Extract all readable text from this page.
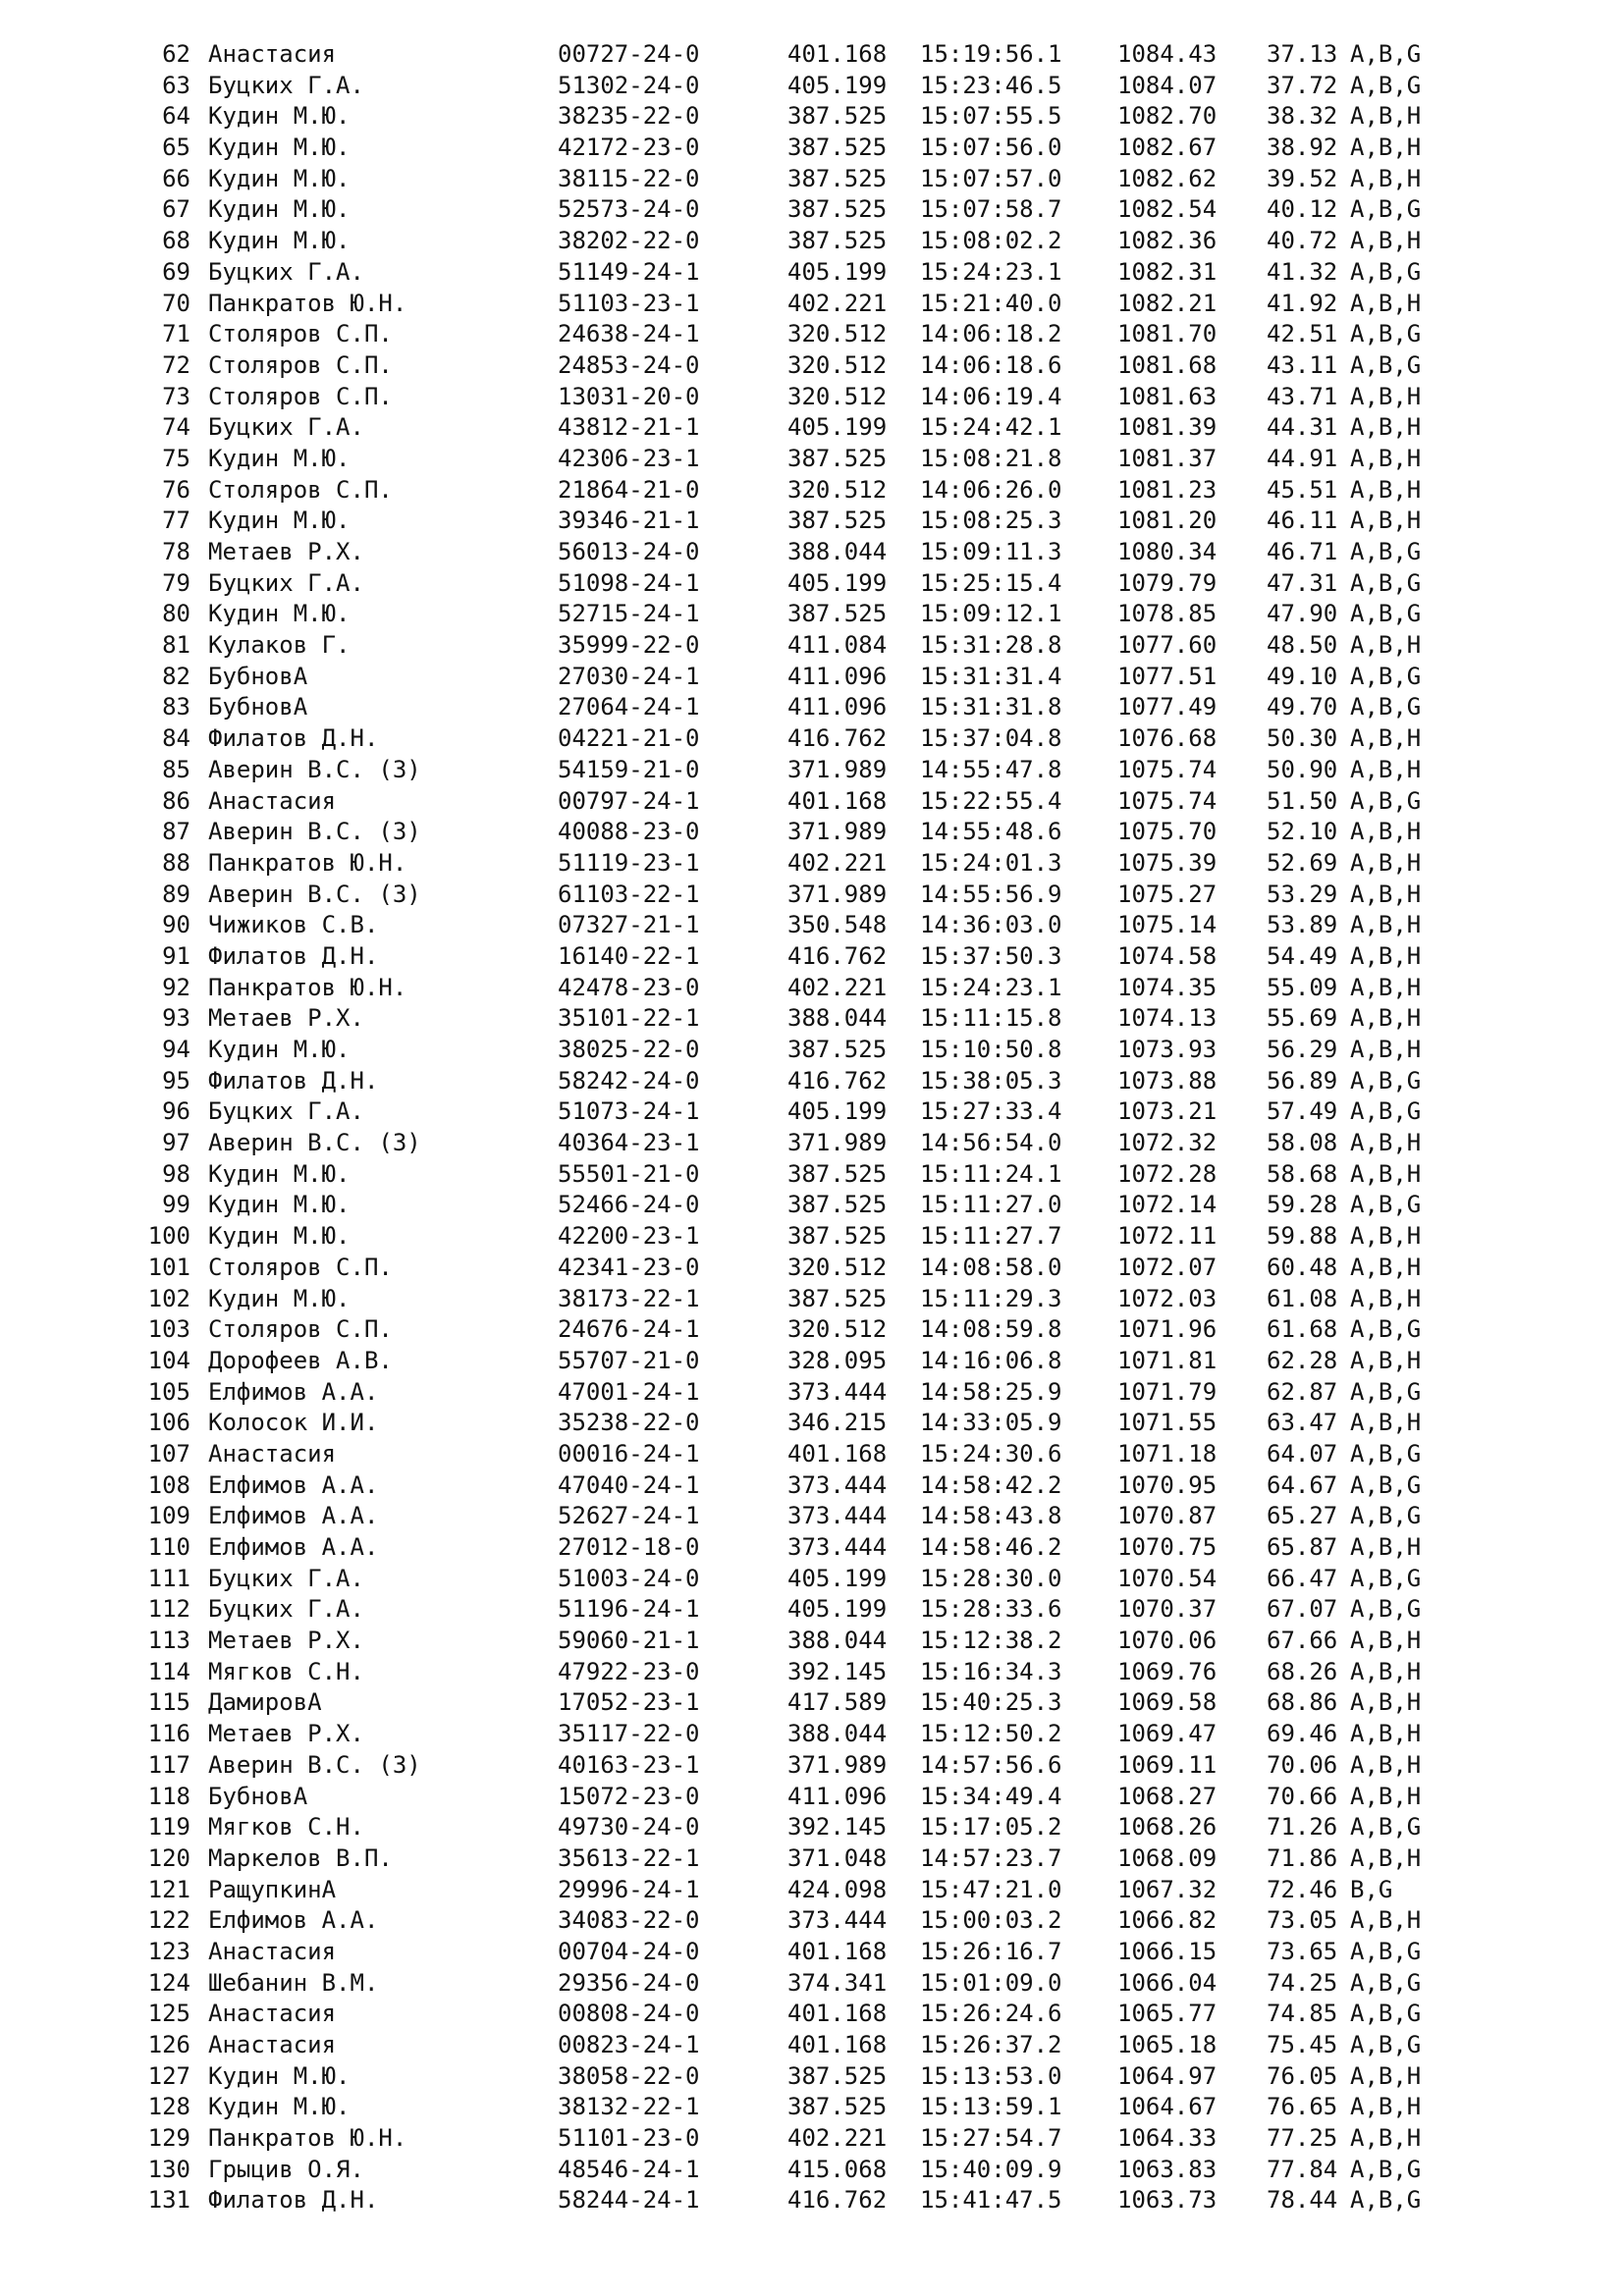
62 Анастасия	00727-24-0	401.168 15:19:56.1 1084.43 37.13 A,B,G
63 Буцких Г.А.	51302-24-0	405.199 15:23:46.5 1084.07 37.72 A,B,G
64 Кудин М.Ю.	38235-22-0	387.525 15:07:55.5 1082.70 38.32 A,B,H
65 Кудин М.Ю.	42172-23-0	387.525 15:07:56.0 1082.67 38.92 A,B,H
66 Кудин М.Ю.	38115-22-0	387.525 15:07:57.0 1082.62 39.52 A,B,H
67 Кудин М.Ю.	52573-24-0	387.525 15:07:58.7 1082.54 40.12 A,B,G
68 Кудин М.Ю.	38202-22-0	387.525 15:08:02.2 1082.36 40.72 A,B,H
69 Буцких Г.А.	51149-24-1	405.199 15:24:23.1 1082.31 41.32 A,B,G
70 Панкратов Ю.Н.	51103-23-1	402.221 15:21:40.0 1082.21 41.92 A,B,H
71 Столяров С.П.	24638-24-1	320.512 14:06:18.2 1081.70 42.51 A,B,G
72 Столяров С.П.	24853-24-0	320.512 14:06:18.6 1081.68 43.11 A,B,G
73 Столяров С.П.	13031-20-0	320.512 14:06:19.4 1081.63 43.71 A,B,H
74 Буцких Г.А.	43812-21-1	405.199 15:24:42.1 1081.39 44.31 A,B,H
75 Кудин М.Ю.	42306-23-1	387.525 15:08:21.8 1081.37 44.91 A,B,H
76 Столяров С.П.	21864-21-0	320.512 14:06:26.0 1081.23 45.51 A,B,H
77 Кудин М.Ю.	39346-21-1	387.525 15:08:25.3 1081.20 46.11 A,B,H
78 Метаев Р.Х.	56013-24-0	388.044 15:09:11.3 1080.34 46.71 A,B,G
79 Буцких Г.А.	51098-24-1	405.199 15:25:15.4 1079.79 47.31 A,B,G
80 Кудин М.Ю.	52715-24-1	387.525 15:09:12.1 1078.85 47.90 A,B,G
81 Кулаков Г.	35999-22-0	411.084 15:31:28.8 1077.60 48.50 A,B,H
82 БубновА	27030-24-1	411.096 15:31:31.4 1077.51 49.10 A,B,G
83 БубновА	27064-24-1	411.096 15:31:31.8 1077.49 49.70 A,B,G
84 Филатов Д.Н.	04221-21-0	416.762 15:37:04.8 1076.68 50.30 A,B,H
85 Аверин В.С. (З)	54159-21-0	371.989 14:55:47.8 1075.74 50.90 A,B,H
86 Анастасия	00797-24-1	401.168 15:22:55.4 1075.74 51.50 A,B,G
87 Аверин В.С. (З)	40088-23-0	371.989 14:55:48.6 1075.70 52.10 A,B,H
88 Панкратов Ю.Н.	51119-23-1	402.221 15:24:01.3 1075.39 52.69 A,B,H
89 Аверин В.С. (З)	61103-22-1	371.989 14:55:56.9 1075.27 53.29 A,B,H
90 Чижиков С.В.	07327-21-1	350.548 14:36:03.0 1075.14 53.89 A,B,H
91 Филатов Д.Н.	16140-22-1	416.762 15:37:50.3 1074.58 54.49 A,B,H
92 Панкратов Ю.Н.	42478-23-0	402.221 15:24:23.1 1074.35 55.09 A,B,H
93 Метаев Р.Х.	35101-22-1	388.044 15:11:15.8 1074.13 55.69 A,B,H
94 Кудин М.Ю.	38025-22-0	387.525 15:10:50.8 1073.93 56.29 A,B,H
95 Филатов Д.Н.	58242-24-0	416.762 15:38:05.3 1073.88 56.89 A,B,G
96 Буцких Г.А.	51073-24-1	405.199 15:27:33.4 1073.21 57.49 A,B,G
97 Аверин В.С. (З)	40364-23-1	371.989 14:56:54.0 1072.32 58.08 A,B,H
98 Кудин М.Ю.	55501-21-0	387.525 15:11:24.1 1072.28 58.68 A,B,H
99 Кудин М.Ю.	52466-24-0	387.525 15:11:27.0 1072.14 59.28 A,B,G
100 Кудин М.Ю.	42200-23-1	387.525 15:11:27.7 1072.11 59.88 A,B,H
101 Столяров С.П.	42341-23-0	320.512 14:08:58.0 1072.07 60.48 A,B,H
102 Кудин М.Ю.	38173-22-1	387.525 15:11:29.3 1072.03 61.08 A,B,H
103 Столяров С.П.	24676-24-1	320.512 14:08:59.8 1071.96 61.68 A,B,G
104 Дорофеев А.В.	55707-21-0	328.095 14:16:06.8 1071.81 62.28 A,B,H
105 Елфимов А.А.	47001-24-1	373.444 14:58:25.9 1071.79 62.87 A,B,G
106 Колосок И.И.	35238-22-0	346.215 14:33:05.9 1071.55 63.47 A,B,H
107 Анастасия	00016-24-1	401.168 15:24:30.6 1071.18 64.07 A,B,G
108 Елфимов А.А.	47040-24-1	373.444 14:58:42.2 1070.95 64.67 A,B,G
109 Елфимов А.А.	52627-24-1	373.444 14:58:43.8 1070.87 65.27 A,B,G
110 Елфимов А.А.	27012-18-0	373.444 14:58:46.2 1070.75 65.87 A,B,H
111 Буцких Г.А.	51003-24-0	405.199 15:28:30.0 1070.54 66.47 A,B,G
112 Буцких Г.А.	51196-24-1	405.199 15:28:33.6 1070.37 67.07 A,B,G
113 Метаев Р.Х.	59060-21-1	388.044 15:12:38.2 1070.06 67.66 A,B,H
114 Мягков С.Н.	47922-23-0	392.145 15:16:34.3 1069.76 68.26 A,B,H
115 ДамировА	17052-23-1	417.589 15:40:25.3 1069.58 68.86 A,B,H
116 Метаев Р.Х.	35117-22-0	388.044 15:12:50.2 1069.47 69.46 A,B,H
117 Аверин В.С. (З)	40163-23-1	371.989 14:57:56.6 1069.11 70.06 A,B,H
118 БубновА	15072-23-0	411.096 15:34:49.4 1068.27 70.66 A,B,H
119 Мягков С.Н.	49730-24-0	392.145 15:17:05.2 1068.26 71.26 A,B,G
120 Маркелов В.П.	35613-22-1	371.048 14:57:23.7 1068.09 71.86 A,B,H
121 РащупкинА	29996-24-1	424.098 15:47:21.0 1067.32 72.46 B,G
122 Елфимов А.А.	34083-22-0	373.444 15:00:03.2 1066.82 73.05 A,B,H
123 Анастасия	00704-24-0	401.168 15:26:16.7 1066.15 73.65 A,B,G
124 Шебанин В.М.	29356-24-0	374.341 15:01:09.0 1066.04 74.25 A,B,G
125 Анастасия	00808-24-0	401.168 15:26:24.6 1065.77 74.85 A,B,G
126 Анастасия	00823-24-1	401.168 15:26:37.2 1065.18 75.45 A,B,G
127 Кудин М.Ю.	38058-22-0	387.525 15:13:53.0 1064.97 76.05 A,B,H
128 Кудин М.Ю.	38132-22-1	387.525 15:13:59.1 1064.67 76.65 A,B,H
129 Панкратов Ю.Н.	51101-23-0	402.221 15:27:54.7 1064.33 77.25 A,B,H
130 Грыцив О.Я.	48546-24-1	415.068 15:40:09.9 1063.83 77.84 A,B,G
131 Филатов Д.Н.	58244-24-1	416.762 15:41:47.5 1063.73 78.44 A,B,G
